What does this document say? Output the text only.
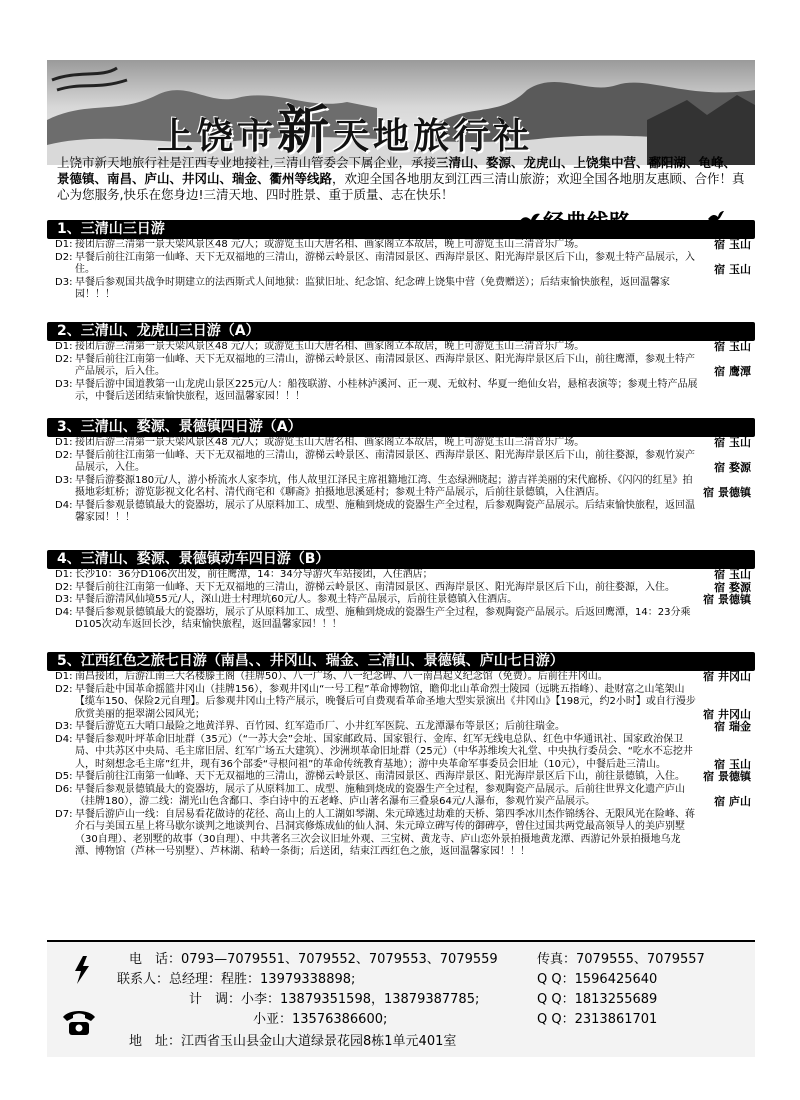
上饶市新天地旅行社
上饶市新天地旅行社是江西专业地接社,三清山管委会下属企业，承接三清山、婺源、龙虎山、上饶集中营、鄱阳湖、龟峰、景德镇、南昌、庐山、井冈山、瑞金、衢州等线路，欢迎全国各地朋友到江西三清山旅游；欢迎全国各地朋友惠顾、合作！真心为您服务,快乐在您身边!三清天地、四时胜景、重于质量、志在快乐！
1、三清山三日游
D1: 接团后游三清第一景天梁风景区48 元/人；或游览玉山大唐名相、画家阁立本故居，晚上可游览玉山三清音乐广场。	宿 玉山
D2: 早餐后前往江南第一仙峰、天下无双福地的三清山，游梯云岭景区、南清园景区、西海岸景区、阳光海岸景区后下山，参观土特产品展示，入住。	宿 玉山
D3: 早餐后参观国共战争时期建立的法西斯式人间地狱：监狱旧址、纪念馆、纪念碑上饶集中营（免费赠送）；后结束愉快旅程，返回温馨家园！！！
2、三清山、龙虎山三日游（A）
D1: 接团后游三清第一景天梁风景区48 元/人；或游览玉山大唐名相、画家阁立本故居，晚上可游览玉山三清音乐广场。	宿 玉山
D2: 早餐后前往江南第一仙峰、天下无双福地的三清山，游梯云岭景区、南清园景区、西海岸景区、阳光海岸景区后下山，前往鹰潭，参观土特产产品展示，后入住。	宿 鹰潭
D3: 早餐后游中国道教第一山龙虎山景区225元/人：船筏联游、小桂林泸溪河、正一观、无蚊村、华夏一绝仙女岩，悬棺表演等；参观土特产品展示，中餐后送团结束愉快旅程，返回温馨家园！！！
3、三清山、婺源、景德镇四日游（A）
D1: 接团后游三清第一景天梁风景区48 元/人；或游览玉山大唐名相、画家阁立本故居，晚上可游览玉山三清音乐广场。	宿 玉山
D2: 早餐后前往江南第一仙峰、天下无双福地的三清山，游梯云岭景区、南清园景区、西海岸景区、阳光海岸景区后下山，前往婺源，参观竹炭产品展示，入住。	宿 婺源
D3: 早餐后游婺源180元/人，游小桥流水人家李坑，伟人故里江泽民主席祖籍地江湾、生态绿洲晓起；游吉祥美丽的宋代廊桥、《闪闪的红星》拍摄地彩虹桥；游览影视文化名村、清代商宅和《聊斋》拍摄地思溪延村；参观土特产品展示，后前往景德镇，入住酒店。	宿 景德镇
D4: 早餐后参观景德镇最大的瓷器坊，展示了从原料加工、成型、施釉到烧成的瓷器生产全过程，后参观陶瓷产品展示。后结束愉快旅程，返回温馨家园！！！
4、三清山、婺源、景德镇动车四日游（B）
D1: 长沙10：36分D106次出发，前往鹰潭，14：34分导游火车站接团，入住酒店；	宿 玉山
D2: 早餐后前往江南第一仙峰、天下无双福地的三清山，游梯云岭景区、南清园景区、西海岸景区、阳光海岸景区后下山，前往婺源，入住。	宿 婺源
D3: 早餐后游清风仙境55元/人，深山进士村理坑60元/人。参观土特产品展示，后前往景德镇入住酒店。	宿 景德镇
D4: 早餐后参观景德镇最大的瓷器坊，展示了从原料加工、成型、施釉到烧成的瓷器生产全过程，参观陶瓷产品展示。后返回鹰潭，14：23分乘D105次动车返回长沙，结束愉快旅程，返回温馨家园！！！
5、江西红色之旅七日游（南昌、、井冈山、瑞金、三清山、景德镇、庐山七日游）
D1: 南昌接团，后游江南三大名楼滕王阁（挂牌50）、八一广场、八一纪念碑、八一南昌起义纪念馆（免费）。后前往井冈山。	宿 井冈山
D2: 早餐后赴中国革命摇篮井冈山（挂牌156），参观井冈山“一号工程”革命博物馆，瞻仰北山革命烈士陵园（远眺五指峰）、赴财富之山笔架山【缆车150、保险2元自理】。后参观井冈山土特产展示，晚餐后可自费观看革命圣地大型实景演出《井冈山》【198元，约2小时】或自行漫步欣赏美丽的挹翠湖公园风光；	宿 井冈山
D3: 早餐后游览五大哨口最险之地黄洋界、百竹园、红军造币厂、小井红军医院、五龙潭瀑布等景区；后前往瑞金。	宿 瑞金
D4: 早餐后参观叶坪革命旧址群（35元）（“一苏大会”会址、国家邮政局、国家银行、金库、红军无线电总队、红色中华通讯社、国家政治保卫局、中共苏区中央局、毛主席旧居、红军广场五大建筑）、沙洲坝革命旧址群（25元）（中华苏维埃大礼堂、中央执行委员会、“吃水不忘挖井人，时刻想念毛主席”红井，现有36个部委“寻根问祖”的革命传统教育基地）；游中央革命军事委员会旧址（10元），中餐后赴三清山。	宿 玉山
D5: 早餐后前往江南第一仙峰、天下无双福地的三清山，游梯云岭景区、南清园景区、西海岸景区、阳光海岸景区后下山，前往景德镇，入住。 宿 景德镇
D6: 早餐后参观景德镇最大的瓷器坊，展示了从原料加工、成型、施釉到烧成的瓷器生产全过程，参观陶瓷产品展示。后前往世界文化遗产庐山（挂牌180），游二线：湖光山色含鄱口、李白诗中的五老峰、庐山著名瀑布三叠泉64元/人瀑布，参观竹炭产品展示。	宿 庐山
D7: 早餐后游庐山一线：自居易看花做诗的花径、高山上的人工湖如琴湖、朱元璋逃过劫难的天桥、第四季冰川杰作锦绣谷、无限风光在险峰、蒋介石与美国五星上将马歇尔谈判之地谈判台、吕洞宾修炼成仙的仙人洞、朱元璋立碑写传的御碑亭，曾住过国共两党最高领导人的美庐别墅（30自理）、老别墅的故事（30自理）、中共著名三次会议旧址外观、三宝树、黄龙寺、庐山恋外景拍摄地黄龙潭、西游记外景拍摄地乌龙潭、博物馆（芦林一号别墅）、芦林湖、秸岭一条街；后送团，结束江西红色之旅，返回温馨家园！！！
电　话：0793—7079551、7079552、7079553、7079559	传真：7079555、7079557
联系人：总经理：程胜：13979338898;	Q Q：1596425640
计　调：小李：13879351598，13879387785;	Q Q：1813255689
小亚：13576386600;	Q Q：2313861701
地　址：江西省玉山县金山大道绿景花园8栋1单元401室
